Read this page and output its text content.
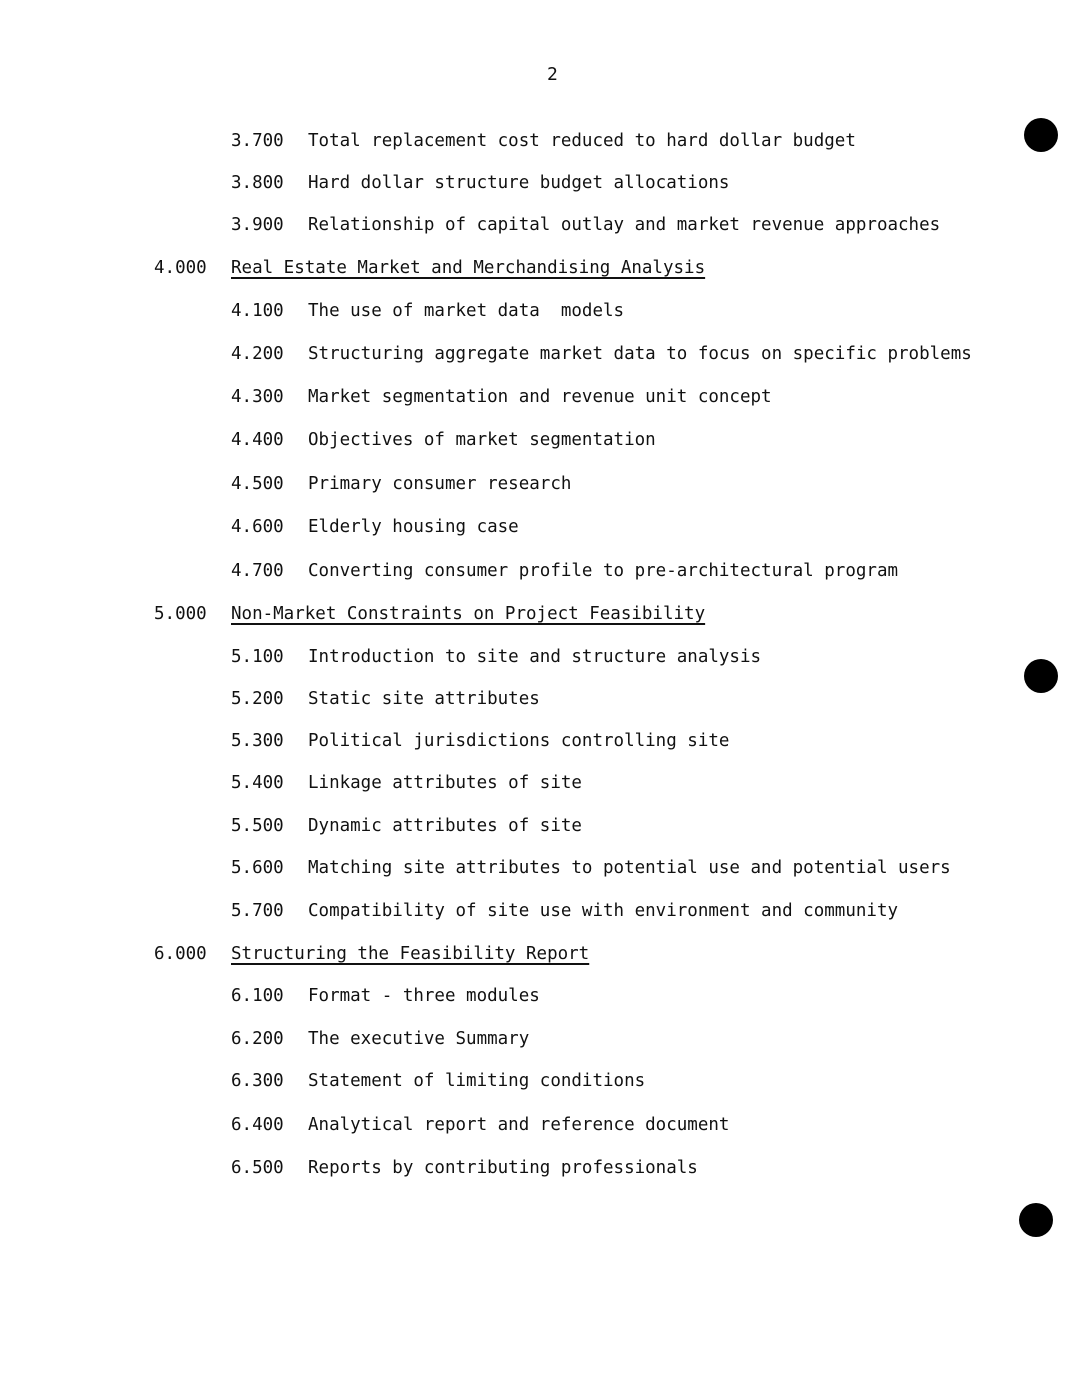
2

3.700

Total replacement cost reduced to hard dollar budget

3.800

Hard dollar structure budget allocations

3.900

Relationship of capital outlay and market revenue approaches

4.000

Real Estate Market and Merchandising Analysis

4.100

The use of market data  models

4.200

Structuring aggregate market data to focus on specific problems

4.300

Market segmentation and revenue unit concept

4.400

Objectives of market segmentation

4.500

Primary consumer research

4.600

Elderly housing case

4.700

Converting consumer profile to pre-architectural program

5.000

Non-Market Constraints on Project Feasibility

5.100

Introduction to site and structure analysis

5.200

Static site attributes

5.300

Political jurisdictions controlling site

5.400

Linkage attributes of site

5.500

Dynamic attributes of site

5.600

Matching site attributes to potential use and potential users

5.700

Compatibility of site use with environment and community

6.000

Structuring the Feasibility Report

6.100

Format - three modules

6.200

The executive Summary

6.300

Statement of limiting conditions

6.400

Analytical report and reference document

6.500

Reports by contributing professionals
